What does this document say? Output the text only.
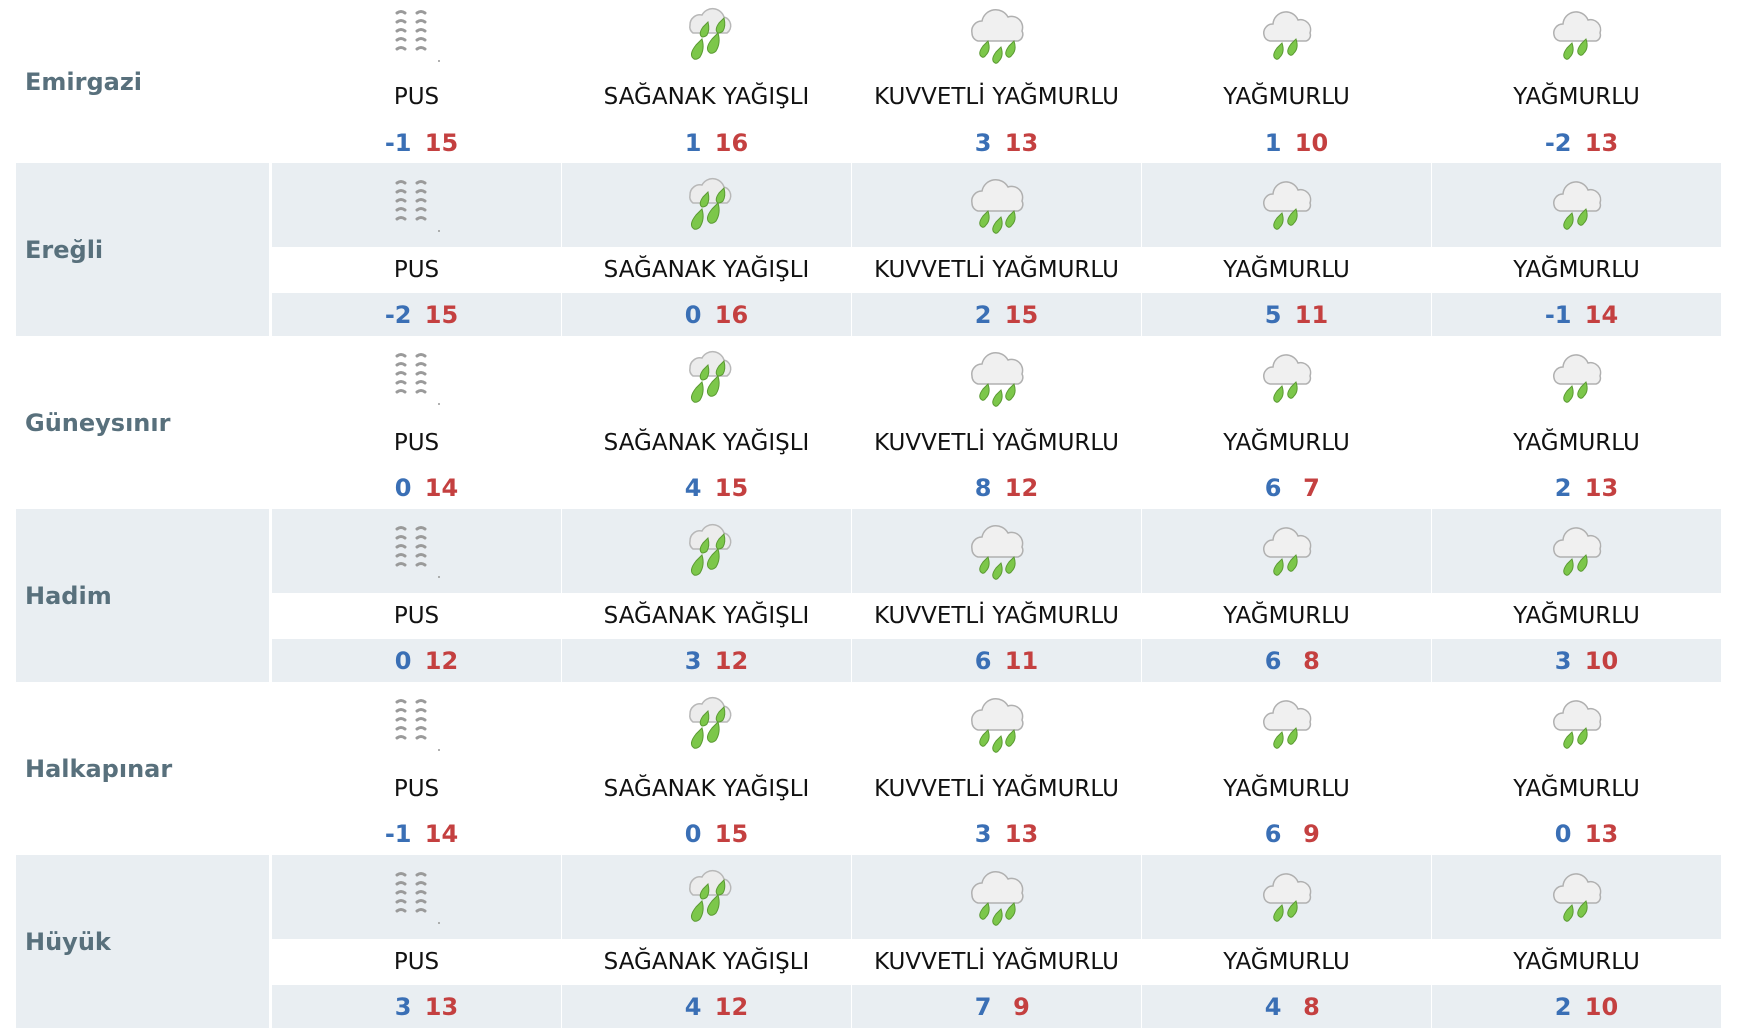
Emirgazi
PUS
-1 15
SAĞANAK YAĞIŞLI
1 16
KUVVETLİ YAĞMURLU
3 13
YAĞMURLU
1 10
YAĞMURLU
-2 13
Ereğli
PUS
-2 15
SAĞANAK YAĞIŞLI
0 16
KUVVETLİ YAĞMURLU
2 15
YAĞMURLU
5 11
YAĞMURLU
-1 14
Güneysınır
PUS
0 14
SAĞANAK YAĞIŞLI
4 15
KUVVETLİ YAĞMURLU
8 12
YAĞMURLU
6 7
YAĞMURLU
2 13
Hadim
PUS
0 12
SAĞANAK YAĞIŞLI
3 12
KUVVETLİ YAĞMURLU
6 11
YAĞMURLU
6 8
YAĞMURLU
3 10
Halkapınar
PUS
-1 14
SAĞANAK YAĞIŞLI
0 15
KUVVETLİ YAĞMURLU
3 13
YAĞMURLU
6 9
YAĞMURLU
0 13
Hüyük
PUS
3 13
SAĞANAK YAĞIŞLI
4 12
KUVVETLİ YAĞMURLU
7 9
YAĞMURLU
4 8
YAĞMURLU
2 10
